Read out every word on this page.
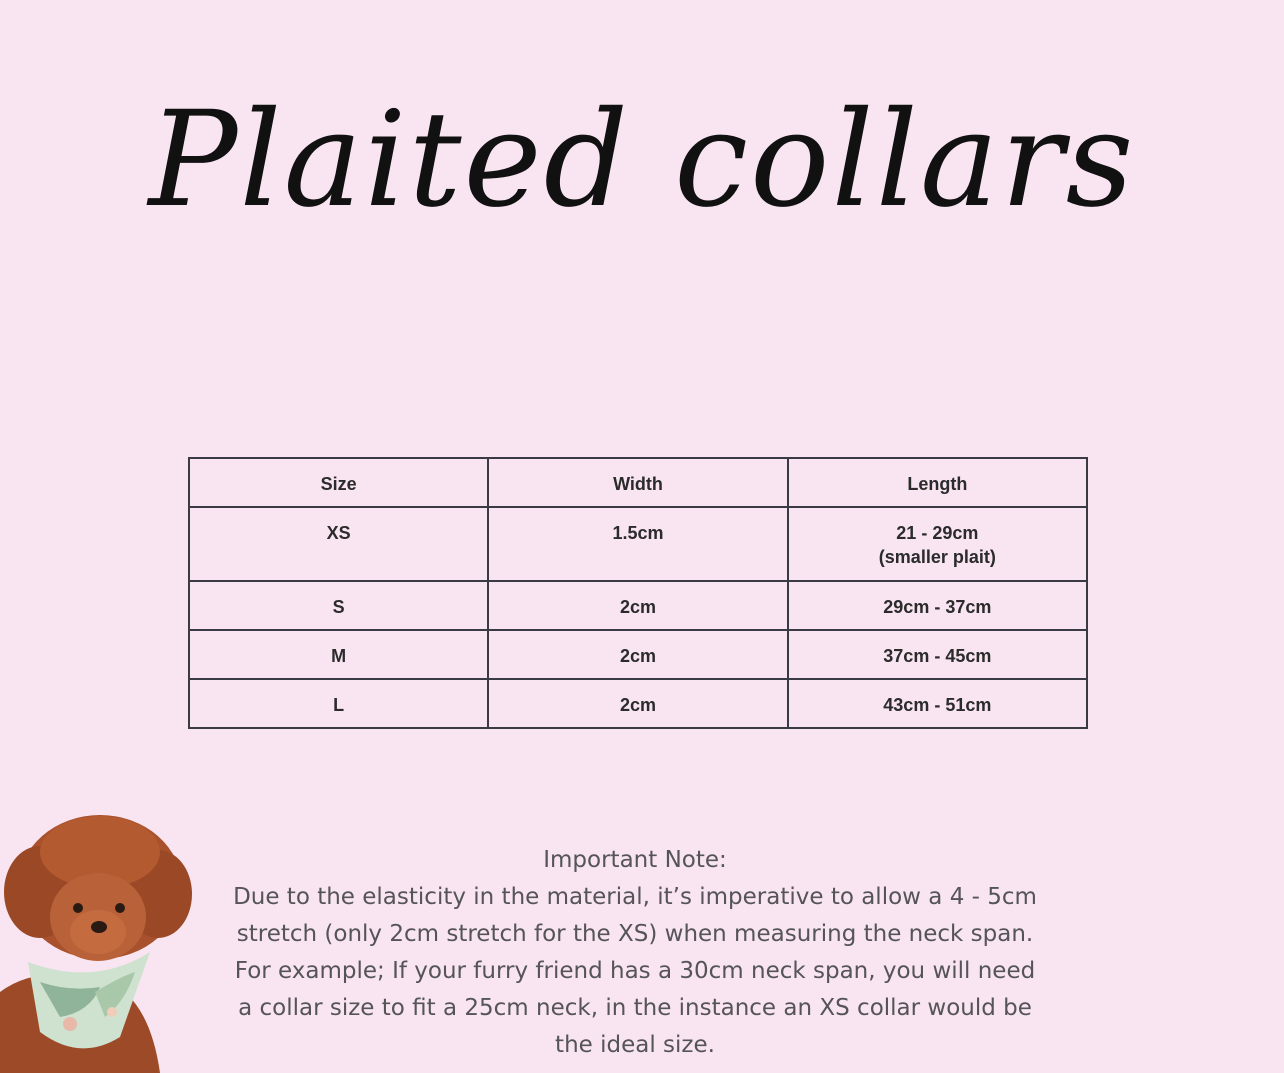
Plaited collars
Size	Width	Length
XS	1.5cm	21 - 29cm
(smaller plait)

S	2cm	29cm - 37cm
M	2cm	37cm - 45cm
L	2cm	43cm - 51cm

Important Note:

Due to the elasticity in the material, it’s imperative to allow a 4 - 5cm stretch (only 2cm stretch for the XS) when measuring the neck span. For example; If your furry friend has a 30cm neck span, you will need a collar size to fit a 25cm neck, in the instance an XS collar would be the ideal size.
